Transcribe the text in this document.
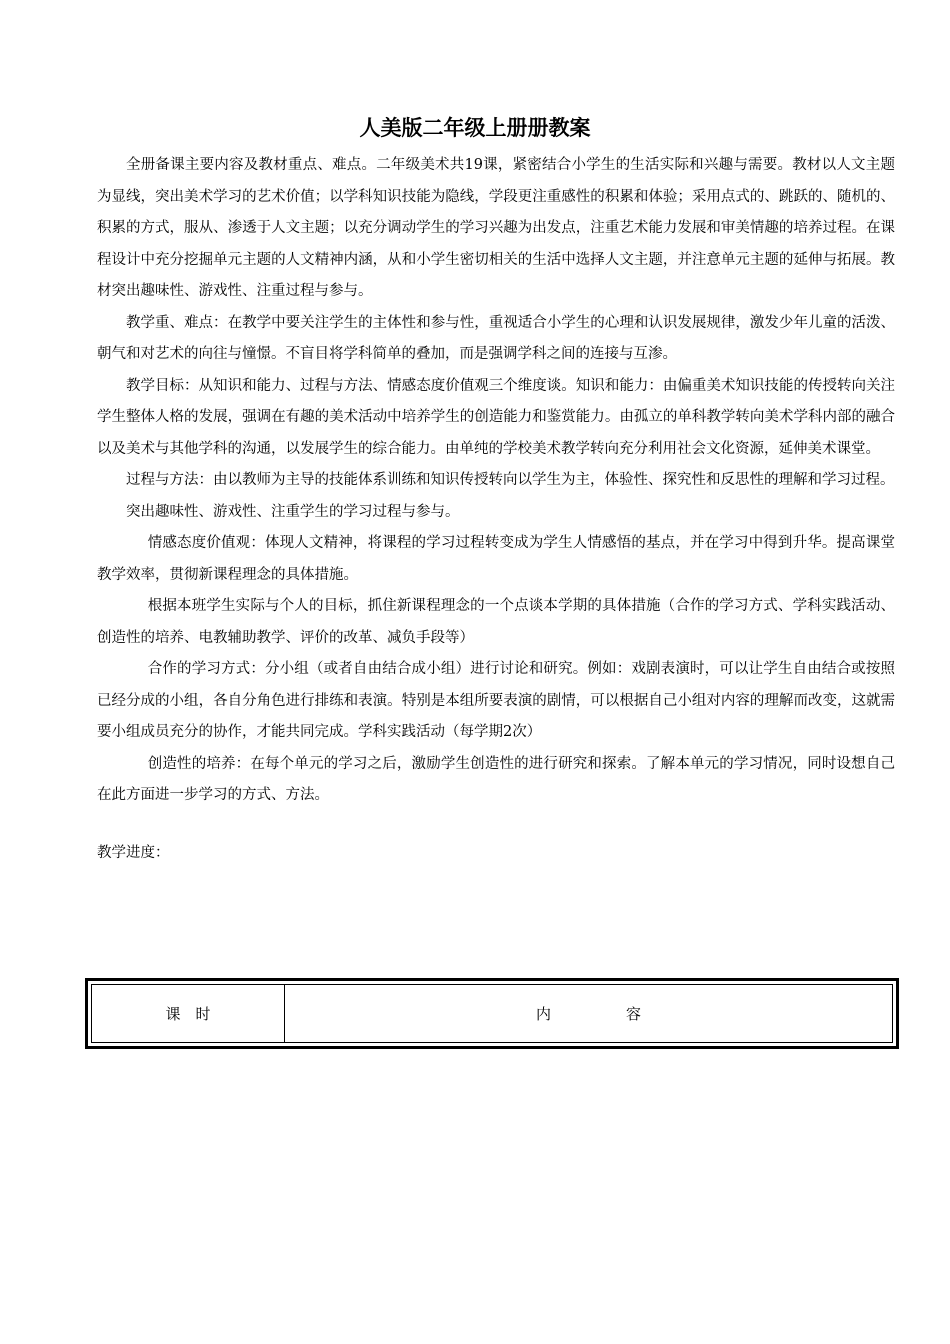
人美版二年级上册册教案

全册备课主要内容及教材重点、难点。二年级美术共19课，紧密结合小学生的生活实际和兴趣与需要。教材以人文主题为显线，突出美术学习的艺术价值；以学科知识技能为隐线，学段更注重感性的积累和体验；采用点式的、跳跃的、随机的、积累的方式，服从、渗透于人文主题；以充分调动学生的学习兴趣为出发点，注重艺术能力发展和审美情趣的培养过程。在课程设计中充分挖掘单元主题的人文精神内涵，从和小学生密切相关的生活中选择人文主题，并注意单元主题的延伸与拓展。教材突出趣味性、游戏性、注重过程与参与。

教学重、难点：在教学中要关注学生的主体性和参与性，重视适合小学生的心理和认识发展规律，激发少年儿童的活泼、朝气和对艺术的向往与憧憬。不盲目将学科简单的叠加，而是强调学科之间的连接与互渗。

教学目标：从知识和能力、过程与方法、情感态度价值观三个维度谈。知识和能力：由偏重美术知识技能的传授转向关注学生整体人格的发展，强调在有趣的美术活动中培养学生的创造能力和鉴赏能力。由孤立的单科教学转向美术学科内部的融合以及美术与其他学科的沟通，以发展学生的综合能力。由单纯的学校美术教学转向充分利用社会文化资源，延伸美术课堂。

过程与方法：由以教师为主导的技能体系训练和知识传授转向以学生为主，体验性、探究性和反思性的理解和学习过程。

突出趣味性、游戏性、注重学生的学习过程与参与。

情感态度价值观：体现人文精神，将课程的学习过程转变成为学生人情感悟的基点，并在学习中得到升华。提高课堂教学效率，贯彻新课程理念的具体措施。

根据本班学生实际与个人的目标，抓住新课程理念的一个点谈本学期的具体措施（合作的学习方式、学科实践活动、创造性的培养、电教辅助教学、评价的改革、减负手段等）

合作的学习方式：分小组（或者自由结合成小组）进行讨论和研究。例如：戏剧表演时，可以让学生自由结合或按照已经分成的小组，各自分角色进行排练和表演。特别是本组所要表演的剧情，可以根据自己小组对内容的理解而改变，这就需要小组成员充分的协作，才能共同完成。学科实践活动（每学期2次）

创造性的培养：在每个单元的学习之后，激励学生创造性的进行研究和探索。了解本单元的学习情况，同时设想自己在此方面进一步学习的方式、方法。

教学进度：

课　时	内　　　　　容
